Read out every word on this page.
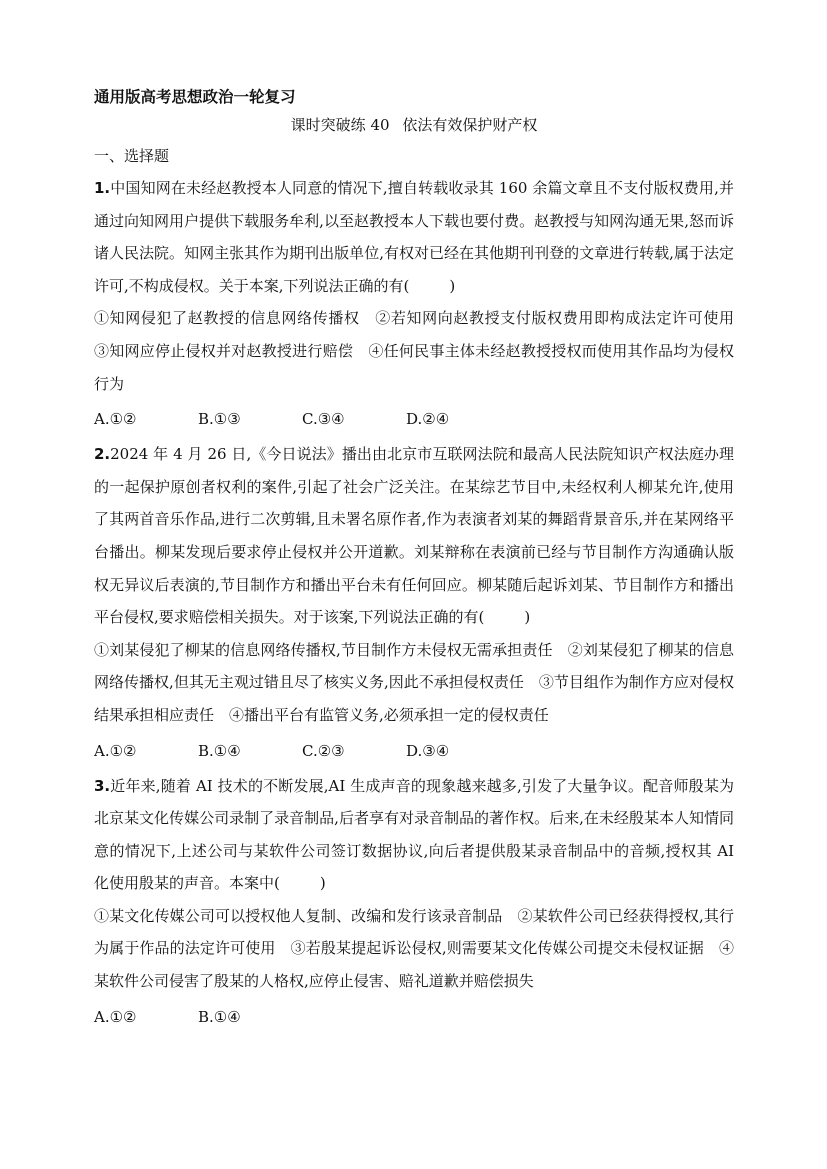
通用版高考思想政治一轮复习
课时突破练 40 依法有效保护财产权
一、选择题

1.中国知网在未经赵教授本人同意的情况下,擅自转载收录其 160 余篇文章且不支付版权费用,并通过向知网用户提供下载服务牟利,以至赵教授本人下载也要付费。赵教授与知网沟通无果,怒而诉诸人民法院。知网主张其作为期刊出版单位,有权对已经在其他期刊刊登的文章进行转载,属于法定许可,不构成侵权。关于本案,下列说法正确的有(	)

①知网侵犯了赵教授的信息网络传播权　②若知网向赵教授支付版权费用即构成法定许可使用　③知网应停止侵权并对赵教授进行赔偿　④任何民事主体未经赵教授授权而使用其作品均为侵权行为

A.①②	B.①③	C.③④	D.②④

2.2024 年 4 月 26 日,《今日说法》播出由北京市互联网法院和最高人民法院知识产权法庭办理的一起保护原创者权利的案件,引起了社会广泛关注。在某综艺节目中,未经权利人柳某允许,使用了其两首音乐作品,进行二次剪辑,且未署名原作者,作为表演者刘某的舞蹈背景音乐,并在某网络平台播出。柳某发现后要求停止侵权并公开道歉。刘某辩称在表演前已经与节目制作方沟通确认版权无异议后表演的,节目制作方和播出平台未有任何回应。柳某随后起诉刘某、节目制作方和播出平台侵权,要求赔偿相关损失。对于该案,下列说法正确的有(	)

①刘某侵犯了柳某的信息网络传播权,节目制作方未侵权无需承担责任　②刘某侵犯了柳某的信息网络传播权,但其无主观过错且尽了核实义务,因此不承担侵权责任　③节目组作为制作方应对侵权结果承担相应责任　④播出平台有监管义务,必须承担一定的侵权责任

A.①②	B.①④	C.②③	D.③④

3.近年来,随着 AI 技术的不断发展,AI 生成声音的现象越来越多,引发了大量争议。配音师殷某为北京某文化传媒公司录制了录音制品,后者享有对录音制品的著作权。后来,在未经殷某本人知情同意的情况下,上述公司与某软件公司签订数据协议,向后者提供殷某录音制品中的音频,授权其 AI 化使用殷某的声音。本案中(	)

①某文化传媒公司可以授权他人复制、改编和发行该录音制品　②某软件公司已经获得授权,其行为属于作品的法定许可使用　③若殷某提起诉讼侵权,则需要某文化传媒公司提交未侵权证据　④某软件公司侵害了殷某的人格权,应停止侵害、赔礼道歉并赔偿损失

A.①②	B.①④
